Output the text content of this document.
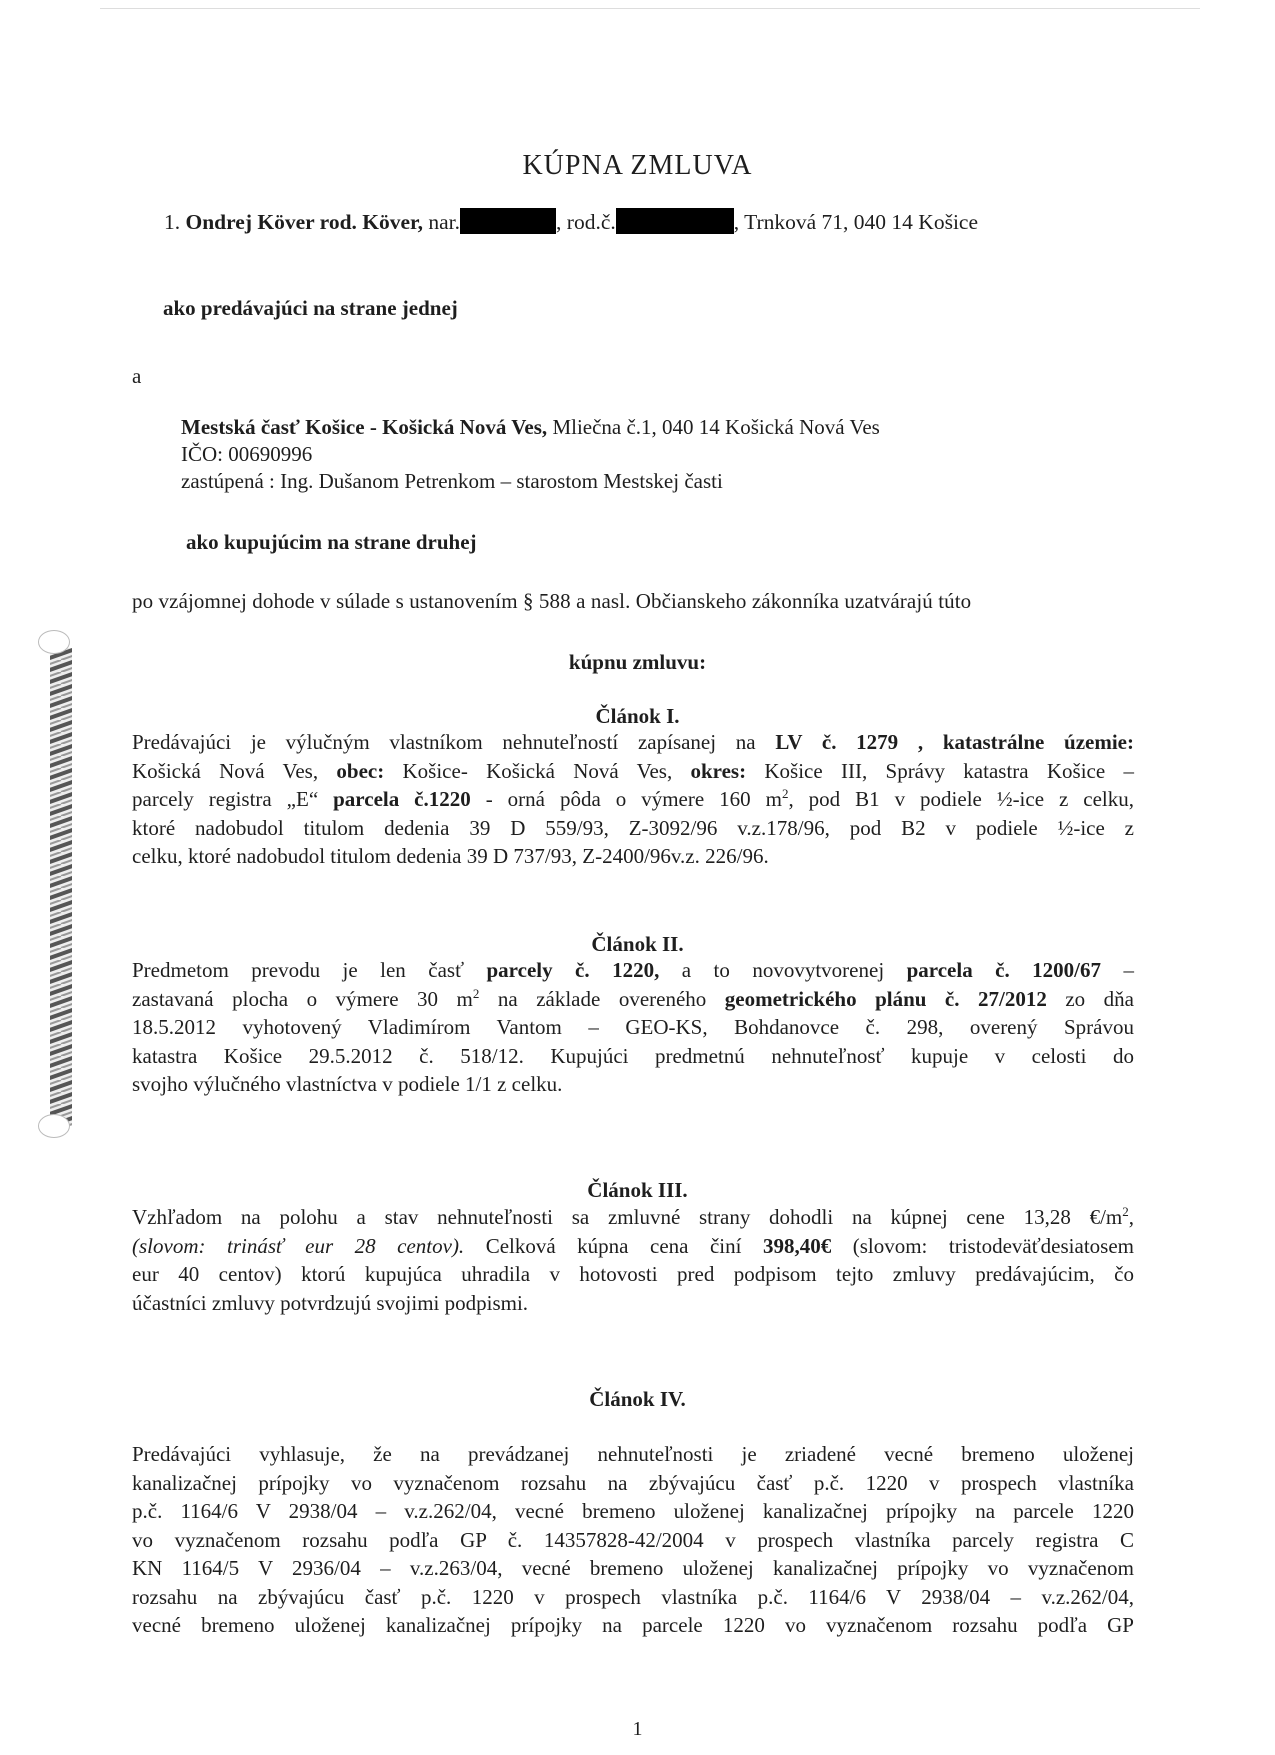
KÚPNA ZMLUVA
1. Ondrej Köver rod. Köver, nar.	, rod.č.	, Trnková 71, 040 14 Košice
ako predávajúci na strane jednej
a
Mestská časť Košice - Košická Nová Ves, Mliečna č.1, 040 14 Košická Nová Ves
IČO: 00690996
zastúpená : Ing. Dušanom Petrenkom – starostom Mestskej časti
ako kupujúcim na strane druhej
po vzájomnej dohode v súlade s ustanovením § 588 a nasl. Občianskeho zákonníka uzatvárajú túto
kúpnu zmluvu:
Článok I.
Predávajúci je výlučným vlastníkom nehnuteľností zapísanej na LV č. 1279 , katastrálne územie:
Košická Nová Ves, obec: Košice- Košická Nová Ves, okres: Košice III, Správy katastra Košice –
parcely registra „E“ parcela č.1220 - orná pôda o výmere 160 $m^2$, pod B1 v podiele ½-ice z celku,
ktoré nadobudol titulom dedenia 39 D 559/93, Z-3092/96 v.z.178/96, pod B2 v podiele ½-ice z
celku, ktoré nadobudol titulom dedenia 39 D 737/93, Z-2400/96v.z. 226/96.
Článok II.
Predmetom prevodu je len časť parcely č. 1220, a to novovytvorenej parcela č. 1200/67 –
zastavaná plocha o výmere 30 $m^2$ na základe overeného geometrického plánu č. 27/2012 zo dňa
18.5.2012 vyhotovený Vladimírom Vantom – GEO-KS, Bohdanovce č. 298, overený Správou
katastra Košice 29.5.2012 č. 518/12. Kupujúci predmetnú nehnuteľnosť kupuje v celosti do
svojho výlučného vlastníctva v podiele 1/1 z celku.
Článok III.
Vzhľadom na polohu a stav nehnuteľnosti sa zmluvné strany dohodli na kúpnej cene 13,28 $€/m^2$,
(slovom: trinásť eur 28 centov). Celková kúpna cena činí 398,40€ (slovom: tristodeväťdesiatosem
eur 40 centov) ktorú kupujúca uhradila v hotovosti pred podpisom tejto zmluvy predávajúcim, čo
účastníci zmluvy potvrdzujú svojimi podpismi.
Článok IV.
Predávajúci vyhlasuje, že na prevádzanej nehnuteľnosti je zriadené vecné bremeno uloženej
kanalizačnej prípojky vo vyznačenom rozsahu na zbývajúcu časť p.č. 1220 v prospech vlastníka
p.č. 1164/6 V 2938/04 – v.z.262/04, vecné bremeno uloženej kanalizačnej prípojky na parcele 1220
vo vyznačenom rozsahu podľa GP č. 14357828-42/2004 v prospech vlastníka parcely registra C
KN 1164/5 V 2936/04 – v.z.263/04, vecné bremeno uloženej kanalizačnej prípojky vo vyznačenom
rozsahu na zbývajúcu časť p.č. 1220 v prospech vlastníka p.č. 1164/6 V 2938/04 – v.z.262/04,
vecné bremeno uloženej kanalizačnej prípojky na parcele 1220 vo vyznačenom rozsahu podľa GP
1
